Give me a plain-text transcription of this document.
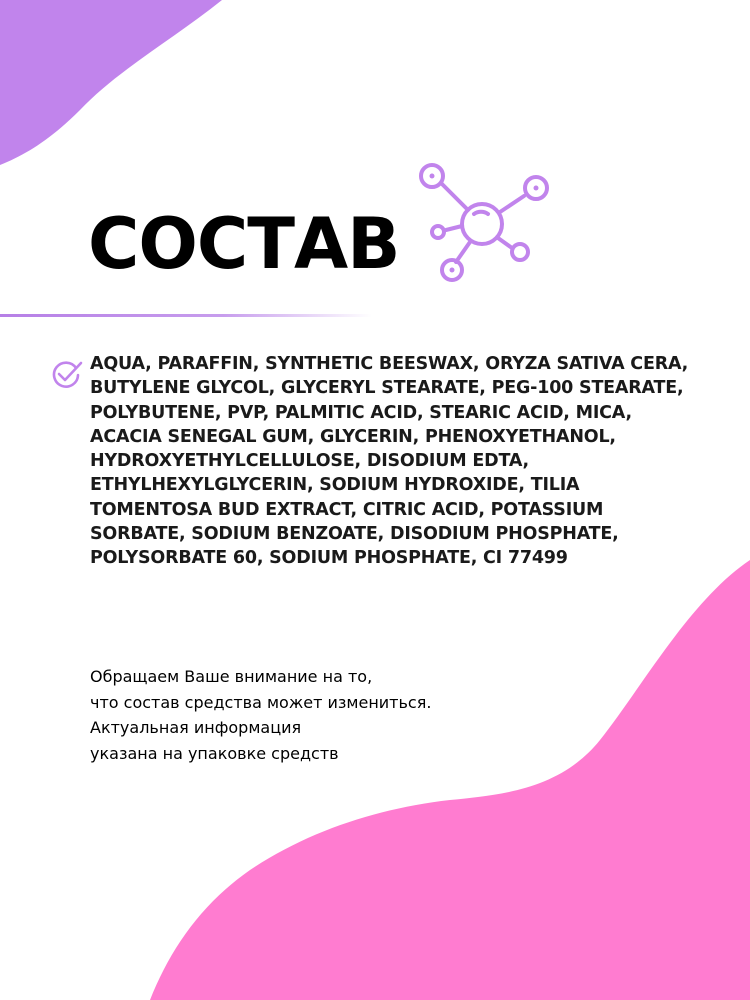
СОСТАВ

AQUA, PARAFFIN, SYNTHETIC BEESWAX, ORYZA SATIVA CERA, BUTYLENE GLYCOL, GLYCERYL STEARATE, PEG-100 STEARATE, POLYBUTENE, PVP, PALMITIC ACID, STEARIC ACID, MICA, ACACIA SENEGAL GUM, GLYCERIN, PHENOXYETHANOL, HYDROXYETHYLCELLULOSE, DISODIUM EDTA, ETHYLHEXYLGLYCERIN, SODIUM HYDROXIDE, TILIA TOMENTOSA BUD EXTRACT, CITRIC ACID, POTASSIUM SORBATE, SODIUM BENZOATE, DISODIUM PHOSPHATE, POLYSORBATE 60, SODIUM PHOSPHATE, CI 77499

Обращаем Ваше внимание на то,
что состав средства может измениться.
Актуальная информация
указана на упаковке средств
